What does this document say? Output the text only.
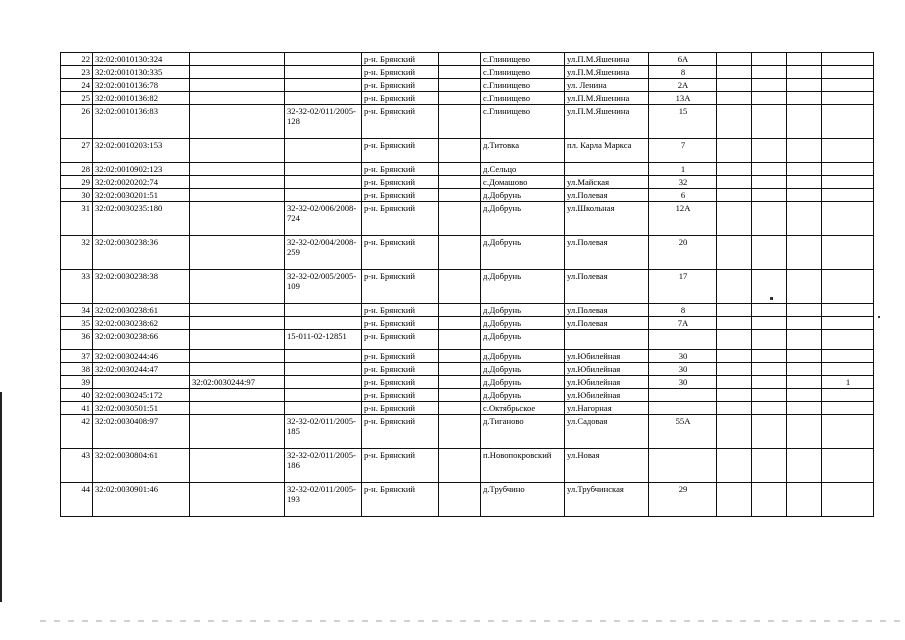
22	32:02:0010130:324			р-н. Брянский		с.Глинищево	ул.П.М.Яшенина	6А				
23	32:02:0010130:335			р-н. Брянский		с.Глинищево	ул.П.М.Яшенина	8				
24	32:02:0010136:78			р-н. Брянский		с.Глинищево	ул. Ленина	2А				
25	32:02:0010136:82			р-н. Брянский		с.Глинищево	ул.П.М.Яшенина	13А				
26	32:02:0010136:83		32-32-02/011/2005-128	р-н. Брянский		с.Глинищево	ул.П.М.Яшенина	15				
27	32:02:0010203:153			р-н. Брянский		д.Титовка	пл. Карла Маркса	7				
28	32:02:0010902:123			р-н. Брянский		д.Сельцо		1				
29	32:02:0020202:74			р-н. Брянский		с.Домашово	ул.Майская	32				
30	32:02:0030201:51			р-н. Брянский		д.Добрунь	ул.Полевая	6				
31	32:02:0030235:180		32-32-02/006/2008-724	р-н. Брянский		д.Добрунь	ул.Школьная	12А				
32	32:02:0030238:36		32-32-02/004/2008-259	р-н. Брянский		д.Добрунь	ул.Полевая	20				
33	32:02:0030238:38		32-32-02/005/2005-109	р-н. Брянский		д.Добрунь	ул.Полевая	17				
34	32:02:0030238:61			р-н. Брянский		д.Добрунь	ул.Полевая	8				
35	32:02:0030238:62			р-н. Брянский		д.Добрунь	ул.Полевая	7А				
36	32:02:0030238:66		15-011-02-12851	р-н. Брянский		д.Добрунь						
37	32:02:0030244:46			р-н. Брянский		д.Добрунь	ул.Юбилейная	30				
38	32:02:0030244:47			р-н. Брянский		д.Добрунь	ул.Юбилейная	30				
39		32:02:0030244:97		р-н. Брянский		д.Добрунь	ул.Юбилейная	30				1
40	32:02:0030245:172			р-н. Брянский		д.Добрунь	ул.Юбилейная					
41	32:02:0030501:51			р-н. Брянский		с.Октябрьское	ул.Нагорная					
42	32:02:0030408:97		32-32-02/011/2005-185	р-н. Брянский		д.Тиганово	ул.Садовая	55А				
43	32:02:0030804:61		32-32-02/011/2005-186	р-н. Брянский		п.Новопокровский	ул.Новая					
44	32:02:0030901:46		32-32-02/011/2005-193	р-н. Брянский		д.Трубчино	ул.Трубчинская	29				
